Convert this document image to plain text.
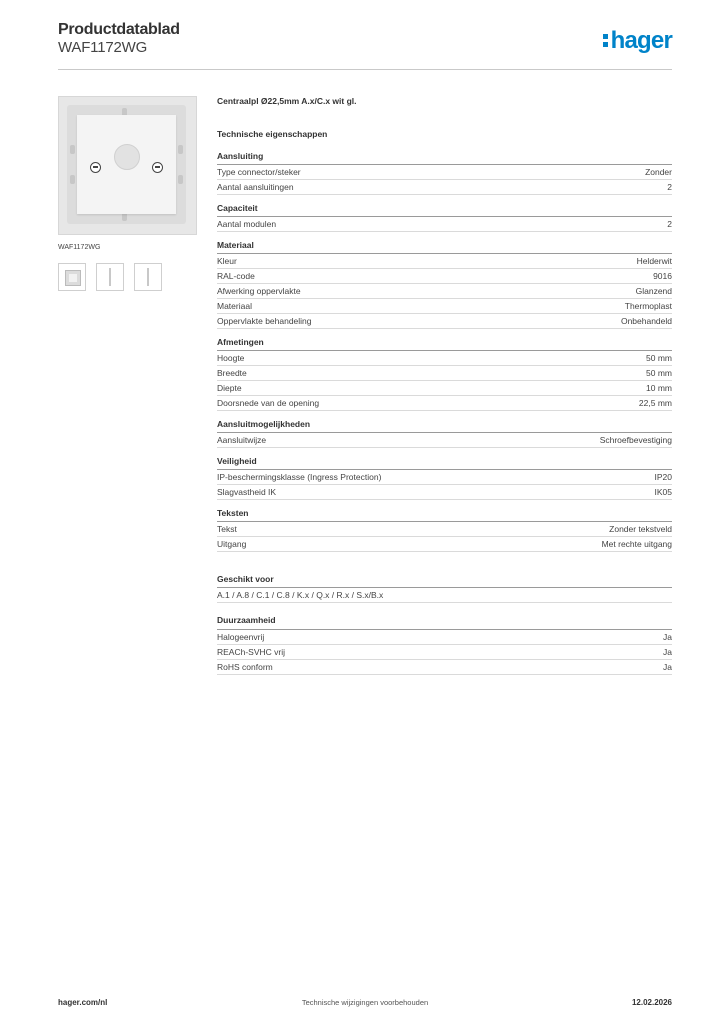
Productdatablad
WAF1172WG	hager
WAF1172WG
Centraalpl Ø22,5mm A.x/C.x wit gl.
Technische eigenschappen
Aansluiting
Type connector/steker	Zonder
Aantal aansluitingen	2
Capaciteit
Aantal modulen	2
Materiaal
Kleur	Helderwit
RAL-code	9016
Afwerking oppervlakte	Glanzend
Materiaal	Thermoplast
Oppervlakte behandeling	Onbehandeld
Afmetingen
Hoogte	50 mm
Breedte	50 mm
Diepte	10 mm
Doorsnede van de opening	22,5 mm
Aansluitmogelijkheden
Aansluitwijze	Schroefbevestiging
Veiligheid
IP-beschermingsklasse (Ingress Protection)	IP20
Slagvastheid IK	IK05
Teksten
Tekst	Zonder tekstveld
Uitgang	Met rechte uitgang
Geschikt voor
A.1 / A.8 / C.1 / C.8 / K.x / Q.x / R.x / S.x/B.x
Duurzaamheid
Halogeenvrij	Ja
REACh-SVHC vrij	Ja
RoHS conform	Ja
Technische wijzigingen voorbehouden
hager.com/nl	12.02.2026
